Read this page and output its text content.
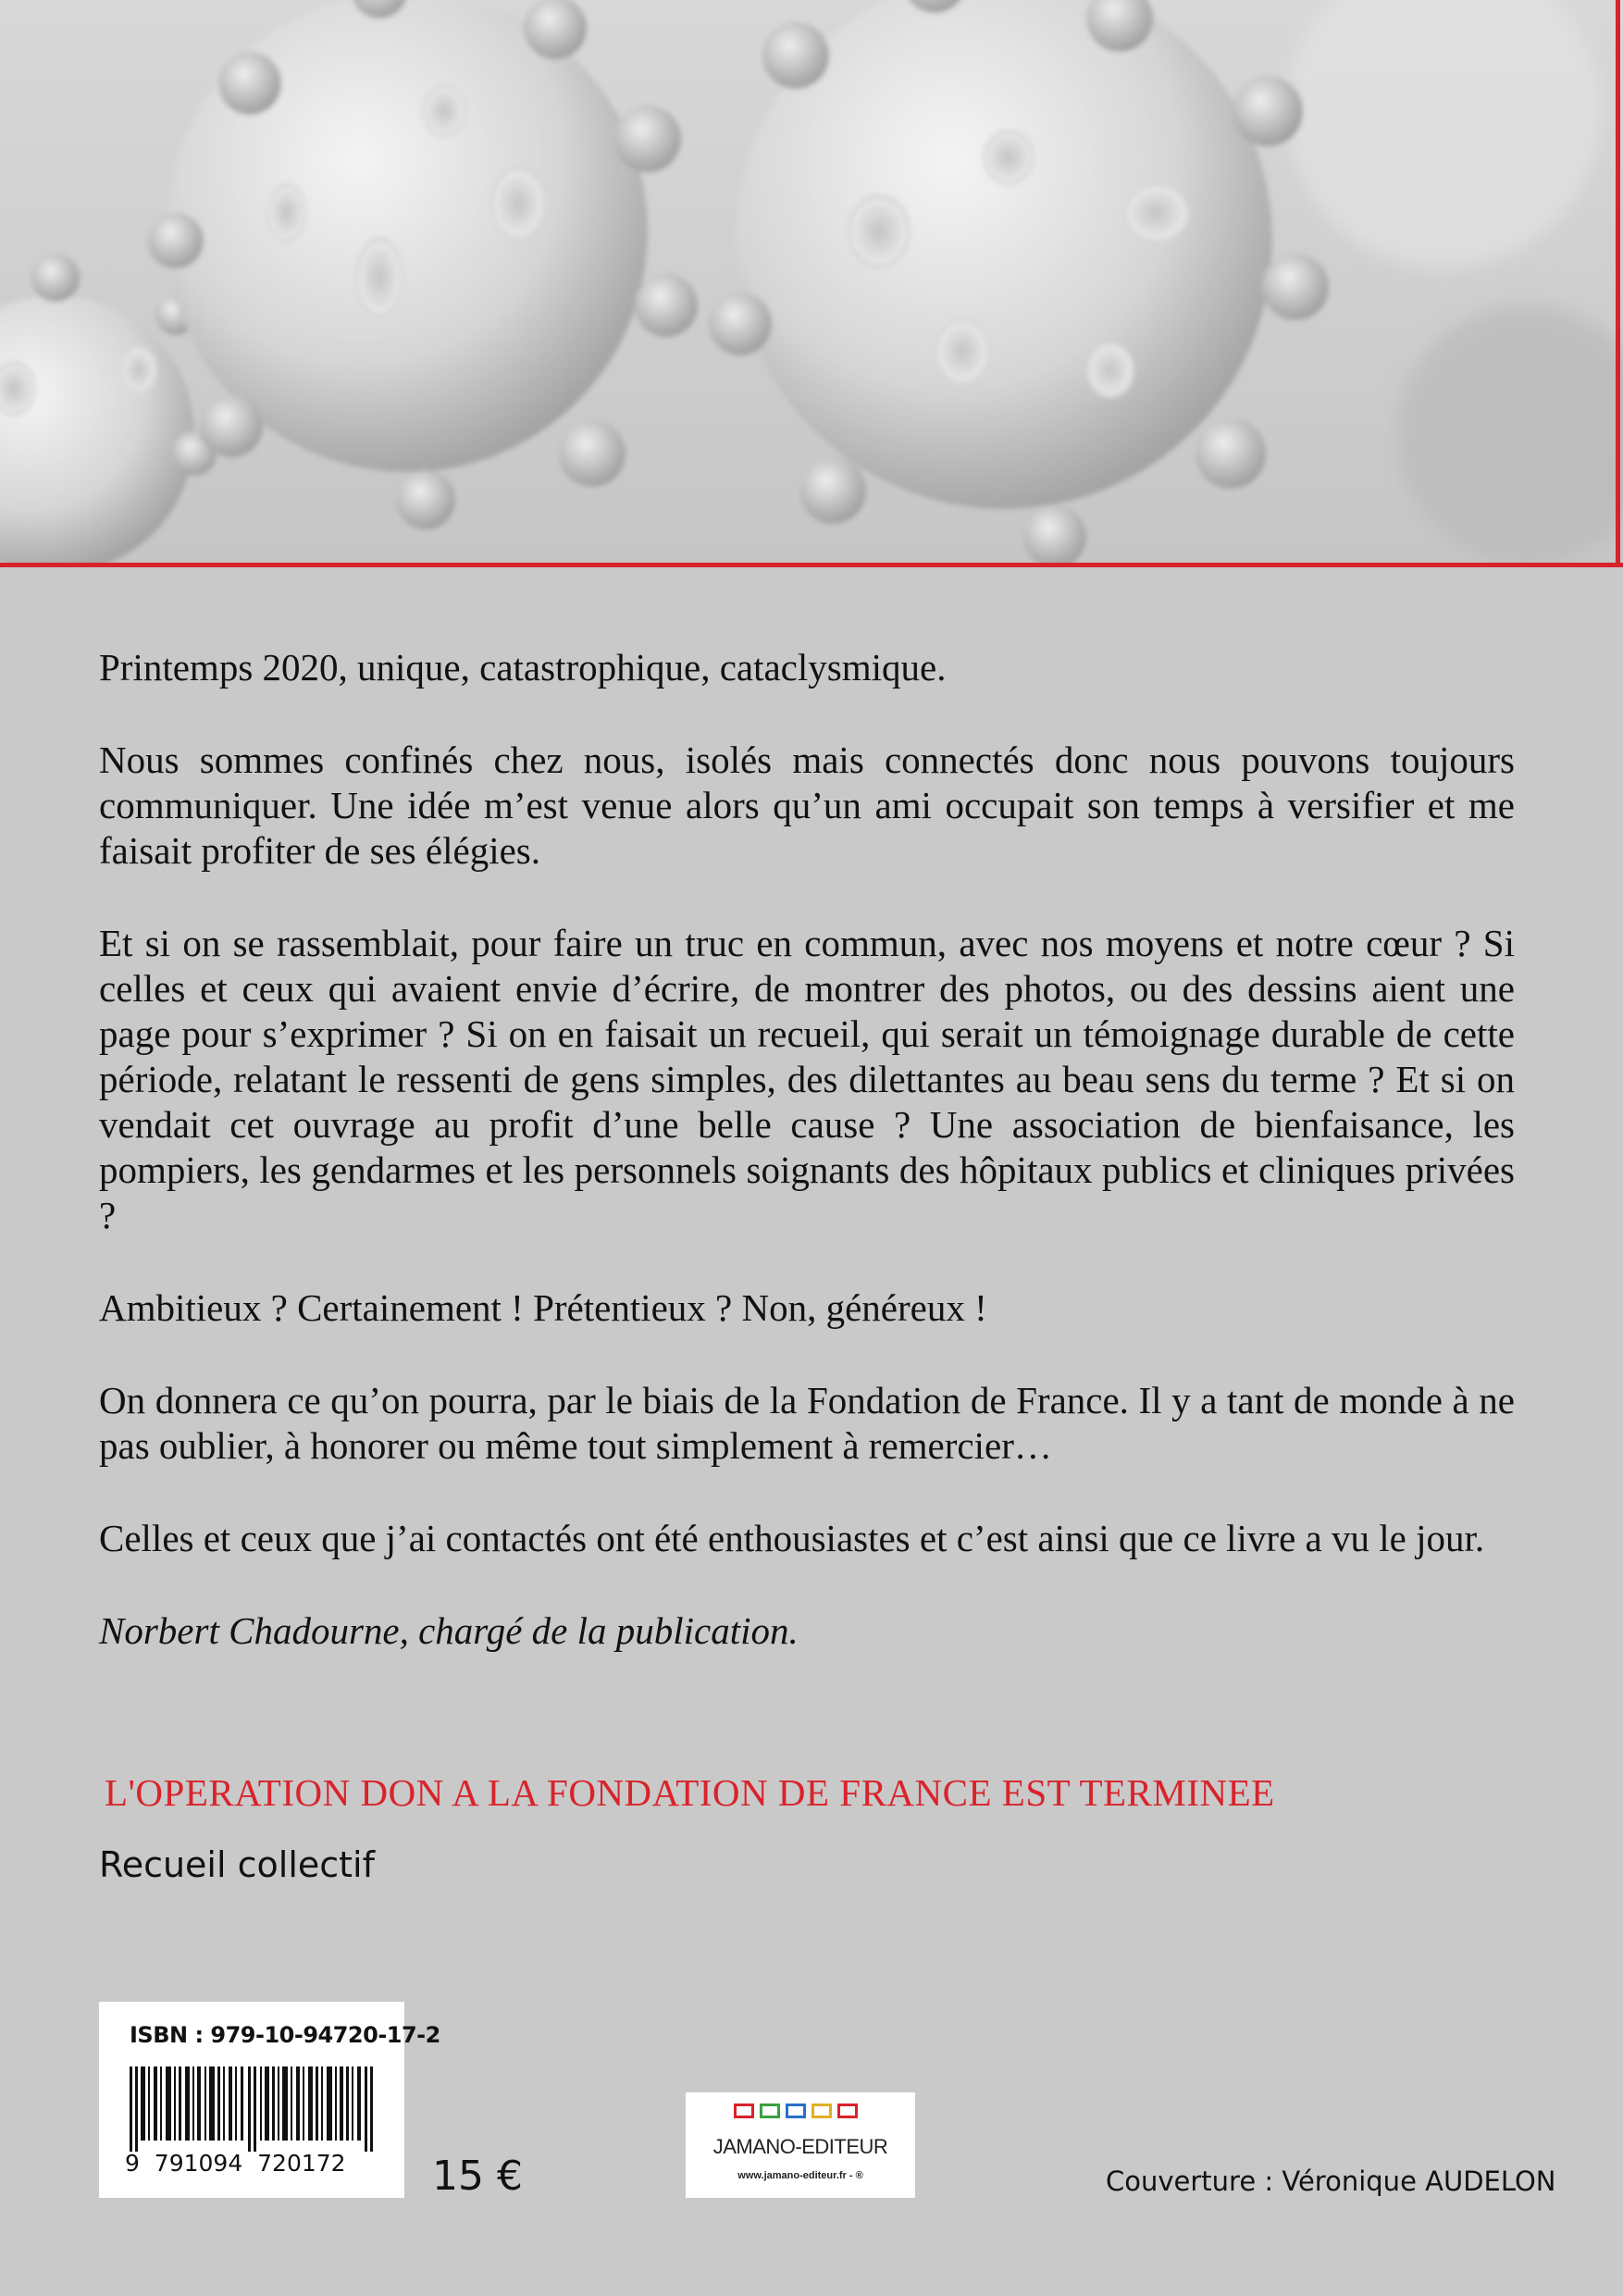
Printemps 2020, unique, catastrophique, cataclysmique.

Nous sommes confinés chez nous, isolés mais connectés donc nous pouvons toujours communiquer. Une idée m’est venue alors qu’un ami occupait son temps à versifier et me faisait profiter de ses élégies.

Et si on se rassemblait, pour faire un truc en commun, avec nos moyens et notre cœur ? Si celles et ceux qui avaient envie d’écrire, de montrer des photos, ou des dessins aient une page pour s’exprimer ? Si on en faisait un recueil, qui serait un témoignage durable de cette période, relatant le ressenti de gens simples, des dilettantes au beau sens du terme ? Et si on vendait cet ouvrage au profit d’une belle cause ? Une association de bienfaisance, les pompiers, les gendarmes et les personnels soignants des hôpitaux publics et cliniques privées ?

Ambitieux ? Certainement ! Prétentieux ? Non, généreux !

On donnera ce qu’on pourra, par le biais de la Fondation de France. Il y a tant de monde à ne pas oublier, à honorer ou même tout simplement à remercier…

Celles et ceux que j’ai contactés ont été enthousiastes et c’est ainsi que ce livre a vu le jour.

Norbert Chadourne, chargé de la publication.

L'OPERATION DON A LA FONDATION DE FRANCE EST TERMINEE
Recueil collectif
ISBN : 979-10-94720-17-2
9  791094  720172 15 €
JAMANO-EDITEUR
www.jamano-editeur.fr - ®	Couverture : Véronique AUDELON
